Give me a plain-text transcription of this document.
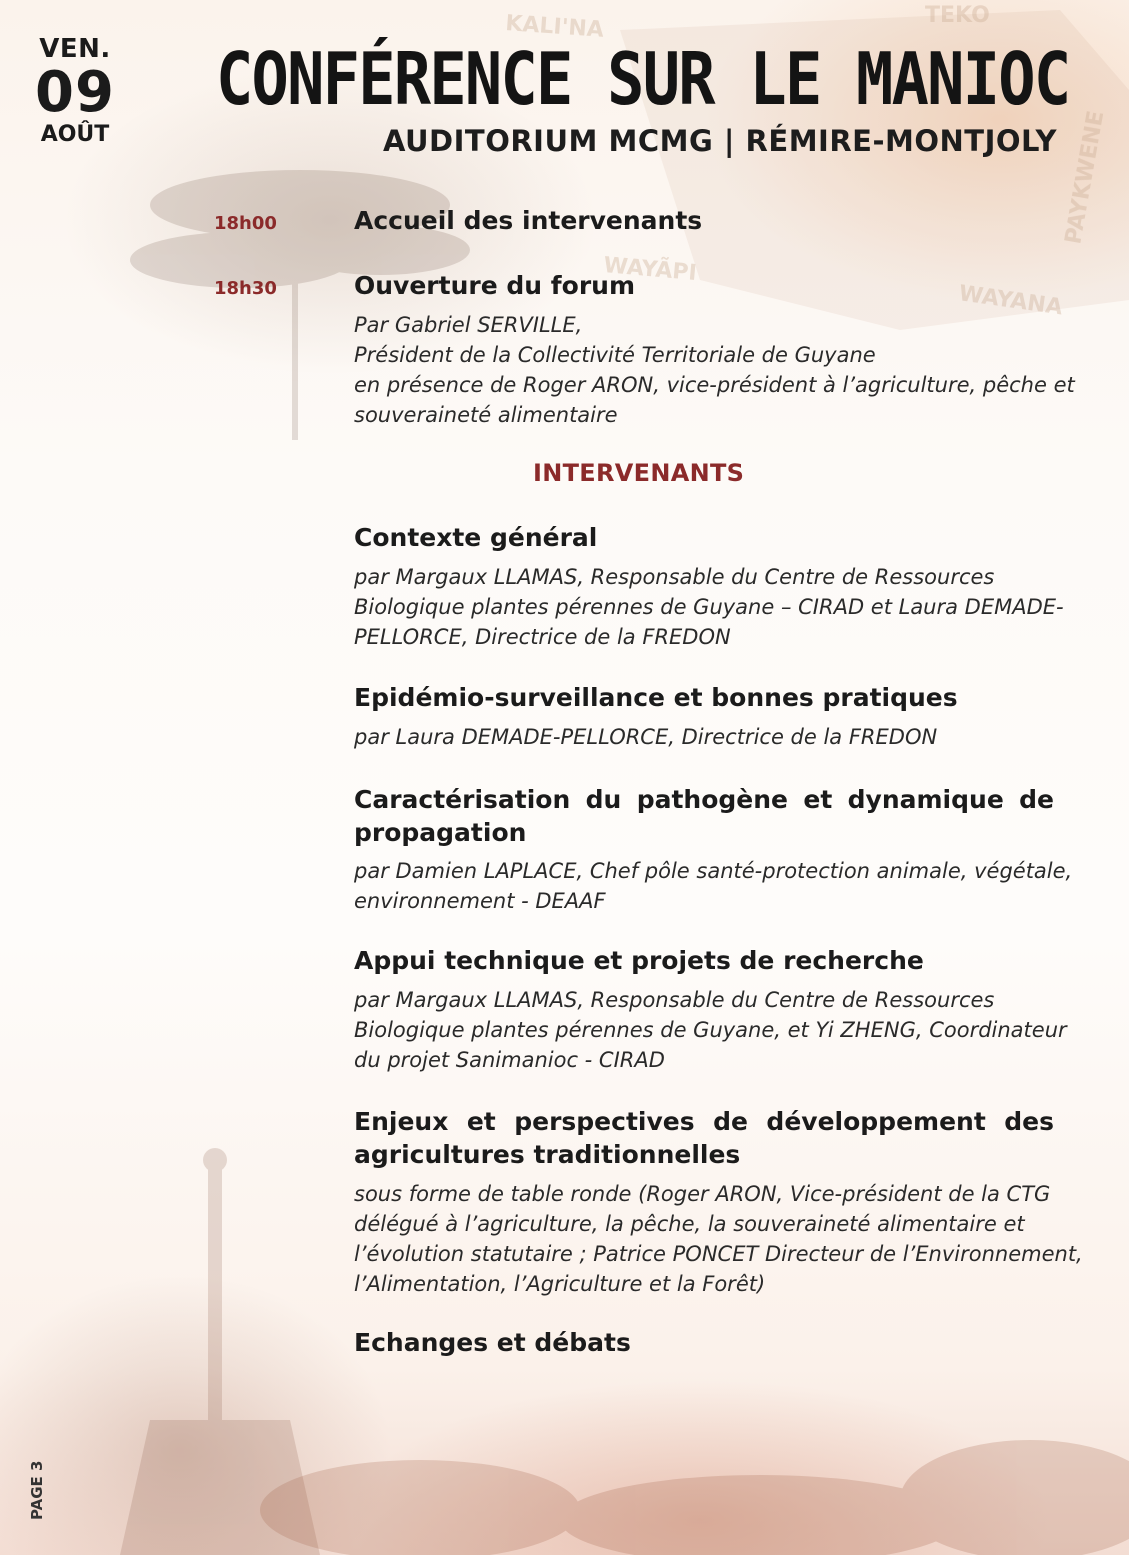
KALI'NA	TEKO
WAYÃPI
WAYANA
PAYKWENE
VEN.
09
AOÛT
CONFÉRENCE SUR LE MANIOC
AUDITORIUM MCMG | RÉMIRE-MONTJOLY
18h00	Accueil des intervenants
18h30	Ouverture du forum
Par Gabriel SERVILLE,
Président de la Collectivité Territoriale de Guyane
en présence de Roger ARON, vice-président à l’agriculture, pêche et
souveraineté alimentaire
INTERVENANTS
Contexte général
par Margaux LLAMAS, Responsable du Centre de Ressources
Biologique plantes pérennes de Guyane – CIRAD et Laura DEMADE-
PELLORCE, Directrice de la FREDON
Epidémio-surveillance et bonnes pratiques
par Laura DEMADE-PELLORCE, Directrice de la FREDON
Caractérisation du pathogène et dynamique de
propagation
par Damien LAPLACE, Chef pôle santé-protection animale, végétale,
environnement - DEAAF
Appui technique et projets de recherche
par Margaux LLAMAS, Responsable du Centre de Ressources
Biologique plantes pérennes de Guyane, et Yi ZHENG, Coordinateur
du projet Sanimanioc - CIRAD
Enjeux et perspectives de développement des
agricultures traditionnelles
sous forme de table ronde (Roger ARON, Vice-président de la CTG
délégué à l’agriculture, la pêche, la souveraineté alimentaire et
l’évolution statutaire ; Patrice PONCET Directeur de l’Environnement,
l’Alimentation, l’Agriculture et la Forêt)
Echanges et débats
PAGE 3
